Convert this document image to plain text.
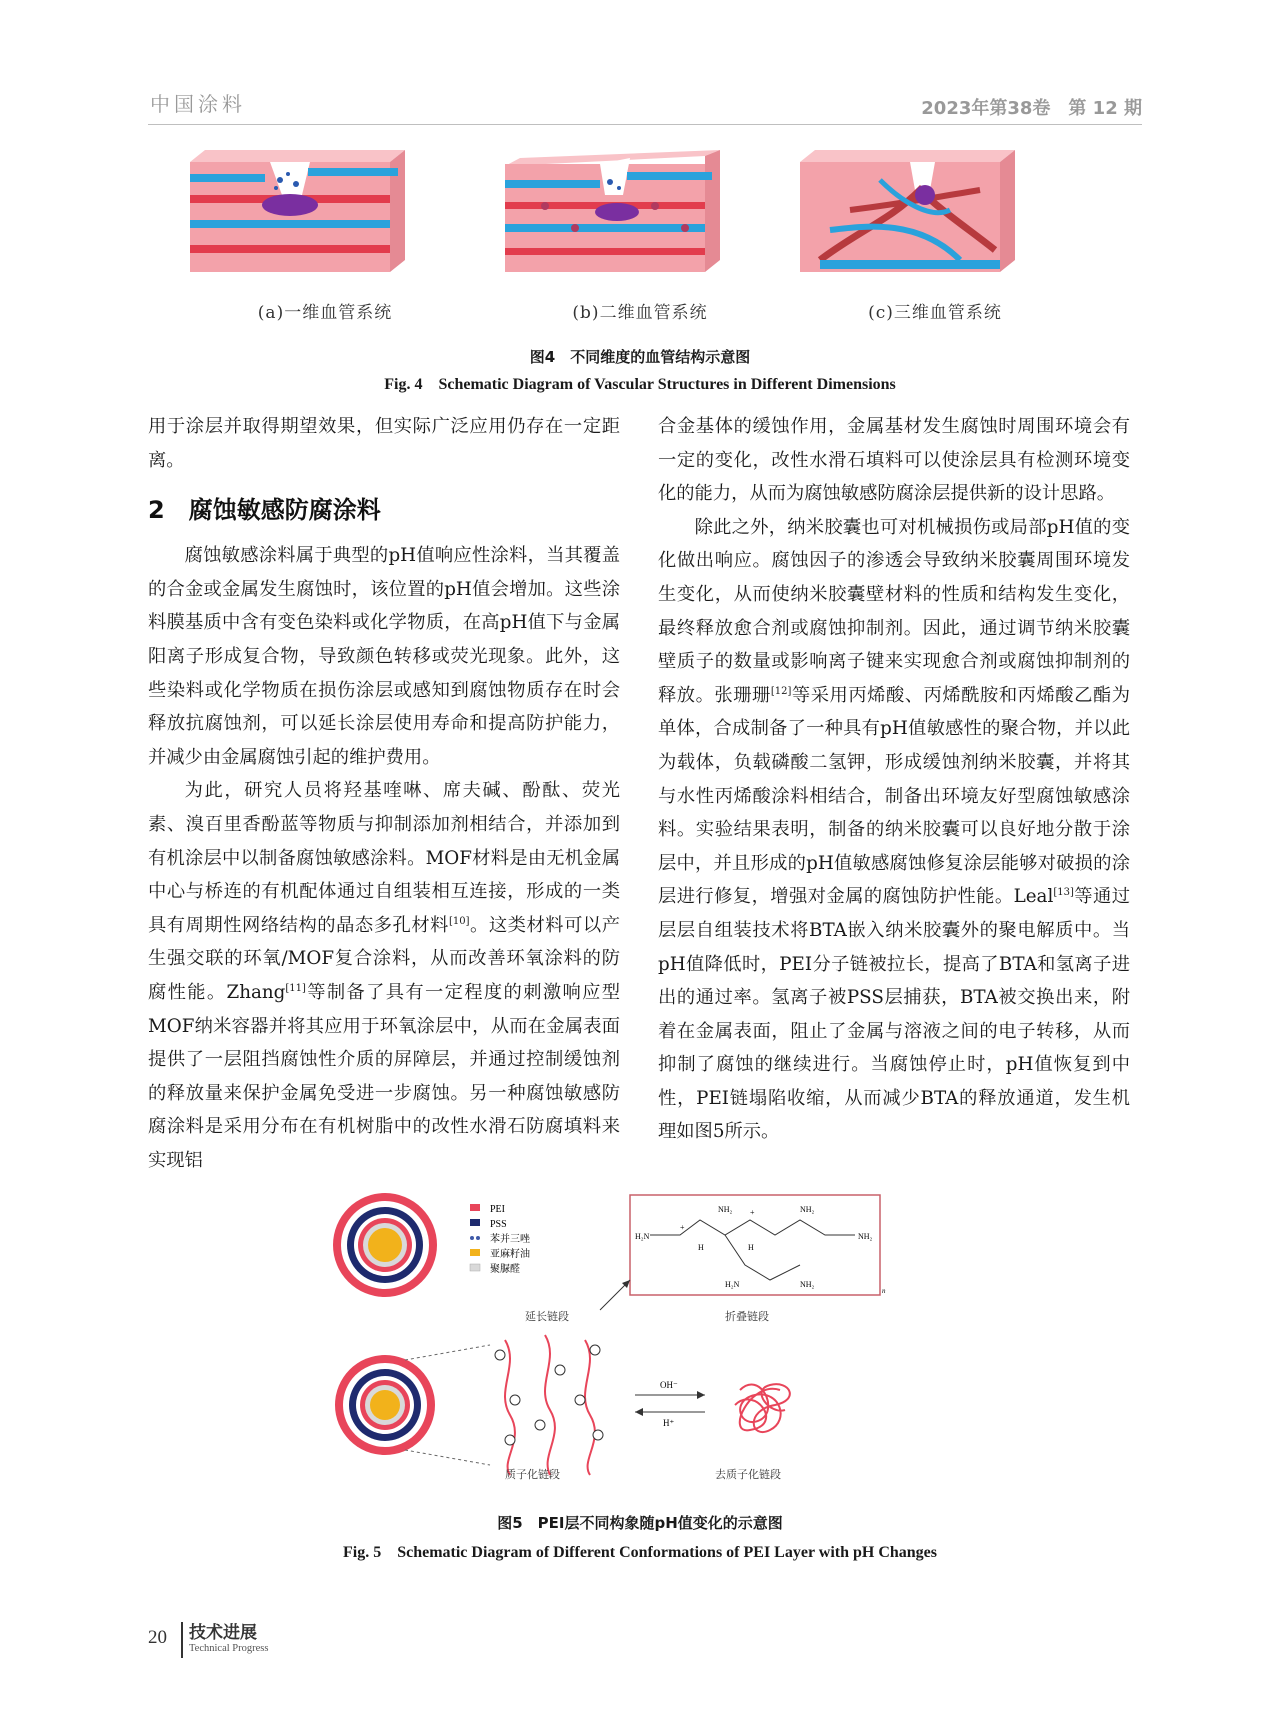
中国涂料	2023年第38卷　第 12 期
(a)一维血管系统	(b)二维血管系统	(c)三维血管系统
图4　不同维度的血管结构示意图
Fig. 4　Schematic Diagram of Vascular Structures in Different Dimensions

用于涂层并取得期望效果，但实际广泛应用仍存在一定距离。

2　腐蚀敏感防腐涂料

腐蚀敏感涂料属于典型的pH值响应性涂料，当其覆盖的合金或金属发生腐蚀时，该位置的pH值会增加。这些涂料膜基质中含有变色染料或化学物质，在高pH值下与金属阳离子形成复合物，导致颜色转移或荧光现象。此外，这些染料或化学物质在损伤涂层或感知到腐蚀物质存在时会释放抗腐蚀剂，可以延长涂层使用寿命和提高防护能力，并减少由金属腐蚀引起的维护费用。

为此，研究人员将羟基喹啉、席夫碱、酚酞、荧光素、溴百里香酚蓝等物质与抑制添加剂相结合，并添加到有机涂层中以制备腐蚀敏感涂料。MOF材料是由无机金属中心与桥连的有机配体通过自组装相互连接，形成的一类具有周期性网络结构的晶态多孔材料[10]。这类材料可以产生强交联的环氧/MOF复合涂料，从而改善环氧涂料的防腐性能。Zhang[11]等制备了具有一定程度的刺激响应型MOF纳米容器并将其应用于环氧涂层中，从而在金属表面提供了一层阻挡腐蚀性介质的屏障层，并通过控制缓蚀剂的释放量来保护金属免受进一步腐蚀。另一种腐蚀敏感防腐涂料是采用分布在有机树脂中的改性水滑石防腐填料来实现铝

合金基体的缓蚀作用，金属基材发生腐蚀时周围环境会有一定的变化，改性水滑石填料可以使涂层具有检测环境变化的能力，从而为腐蚀敏感防腐涂层提供新的设计思路。

除此之外，纳米胶囊也可对机械损伤或局部pH值的变化做出响应。腐蚀因子的渗透会导致纳米胶囊周围环境发生变化，从而使纳米胶囊壁材料的性质和结构发生变化，最终释放愈合剂或腐蚀抑制剂。因此，通过调节纳米胶囊壁质子的数量或影响离子键来实现愈合剂或腐蚀抑制剂的释放。张珊珊[12]等采用丙烯酸、丙烯酰胺和丙烯酸乙酯为单体，合成制备了一种具有pH值敏感性的聚合物，并以此为载体，负载磷酸二氢钾，形成缓蚀剂纳米胶囊，并将其与水性丙烯酸涂料相结合，制备出环境友好型腐蚀敏感涂料。实验结果表明，制备的纳米胶囊可以良好地分散于涂层中，并且形成的pH值敏感腐蚀修复涂层能够对破损的涂层进行修复，增强对金属的腐蚀防护性能。Leal[13]等通过层层自组装技术将BTA嵌入纳米胶囊外的聚电解质中。当pH值降低时，PEI分子链被拉长，提高了BTA和氢离子进出的通过率。氢离子被PSS层捕获，BTA被交换出来，附着在金属表面，阻止了金属与溶液之间的电子转移，从而抑制了腐蚀的继续进行。当腐蚀停止时，pH值恢复到中性，PEI链塌陷收缩，从而减少BTA的释放通道，发生机理如图5所示。

PEI
PSS
苯并三唑
亚麻籽油
聚脲醛
H₂N	NH₂
NH₂	NH₂
H₂N	NH₂
H	H
+
+
n
延长链段	折叠链段
OH⁻
H⁺
质子化链段	去质子化链段
图5　PEI层不同构象随pH值变化的示意图
Fig. 5　Schematic Diagram of Different Conformations of PEI Layer with pH Changes
20 技术进展
Technical Progress
